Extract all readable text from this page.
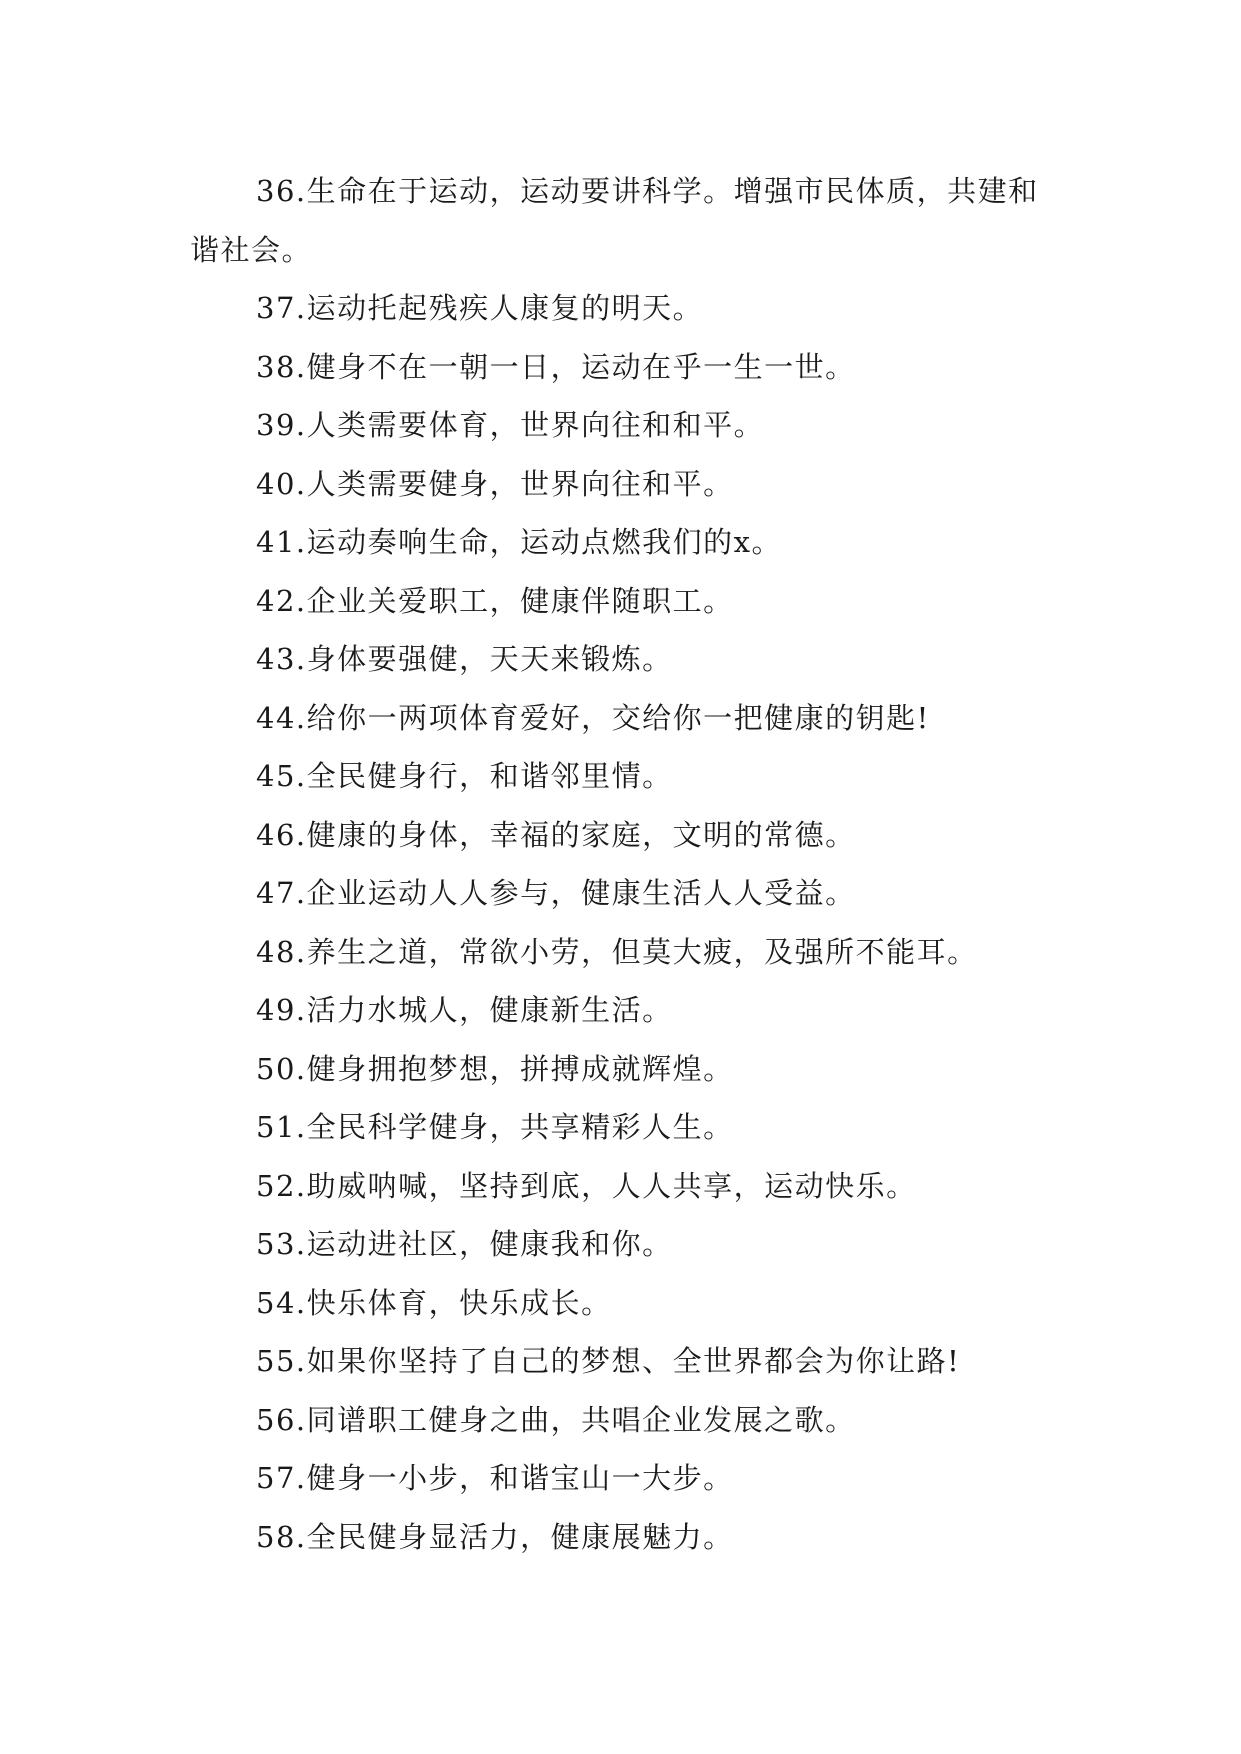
36.生命在于运动，运动要讲科学。增强市民体质，共建和谐社会。

37.运动托起残疾人康复的明天。

38.健身不在一朝一日，运动在乎一生一世。

39.人类需要体育，世界向往和和平。

40.人类需要健身，世界向往和平。

41.运动奏响生命，运动点燃我们的x。

42.企业关爱职工，健康伴随职工。

43.身体要强健，天天来锻炼。

44.给你一两项体育爱好，交给你一把健康的钥匙!

45.全民健身行，和谐邻里情。

46.健康的身体，幸福的家庭，文明的常德。

47.企业运动人人参与，健康生活人人受益。

48.养生之道，常欲小劳，但莫大疲，及强所不能耳。

49.活力水城人，健康新生活。

50.健身拥抱梦想，拼搏成就辉煌。

51.全民科学健身，共享精彩人生。

52.助威呐喊，坚持到底，人人共享，运动快乐。

53.运动进社区，健康我和你。

54.快乐体育，快乐成长。

55.如果你坚持了自己的梦想、全世界都会为你让路!

56.同谱职工健身之曲，共唱企业发展之歌。

57.健身一小步，和谐宝山一大步。

58.全民健身显活力，健康展魅力。
